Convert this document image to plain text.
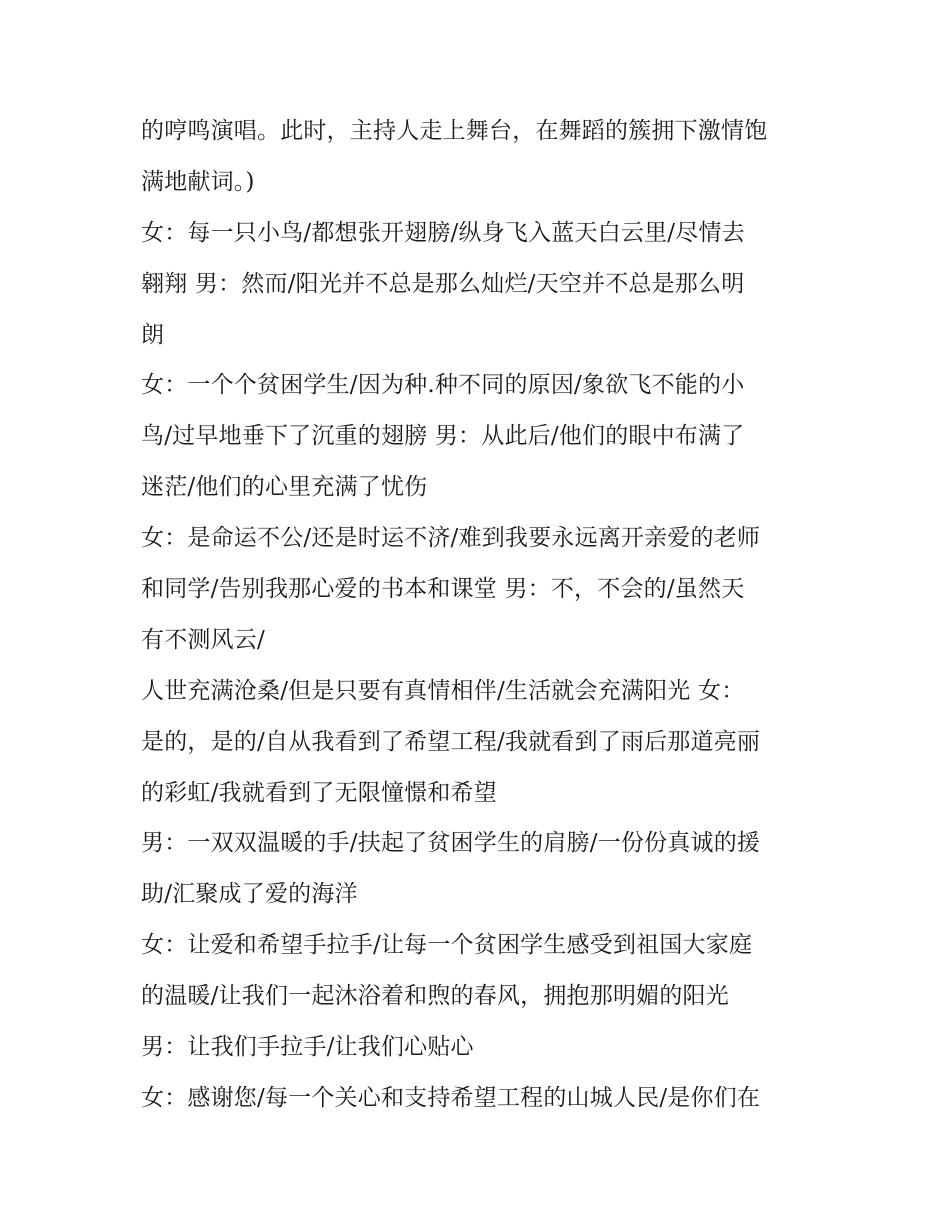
的哼鸣演唱。此时，主持人走上舞台，在舞蹈的簇拥下激情饱
满地献词。)
女：每一只小鸟/都想张开翅膀/纵身飞入蓝天白云里/尽情去
翱翔 男：然而/阳光并不总是那么灿烂/天空并不总是那么明
朗
女：一个个贫困学生/因为种.种不同的原因/象欲飞不能的小
鸟/过早地垂下了沉重的翅膀 男：从此后/他们的眼中布满了
迷茫/他们的心里充满了忧伤
女：是命运不公/还是时运不济/难到我要永远离开亲爱的老师
和同学/告别我那心爱的书本和课堂 男：不，不会的/虽然天
有不测风云/
人世充满沧桑/但是只要有真情相伴/生活就会充满阳光 女：
是的，是的/自从我看到了希望工程/我就看到了雨后那道亮丽
的彩虹/我就看到了无限憧憬和希望
男：一双双温暖的手/扶起了贫困学生的肩膀/一份份真诚的援
助/汇聚成了爱的海洋
女：让爱和希望手拉手/让每一个贫困学生感受到祖国大家庭
的温暖/让我们一起沐浴着和煦的春风，拥抱那明媚的阳光
男：让我们手拉手/让我们心贴心
女：感谢您/每一个关心和支持希望工程的山城人民/是你们在
